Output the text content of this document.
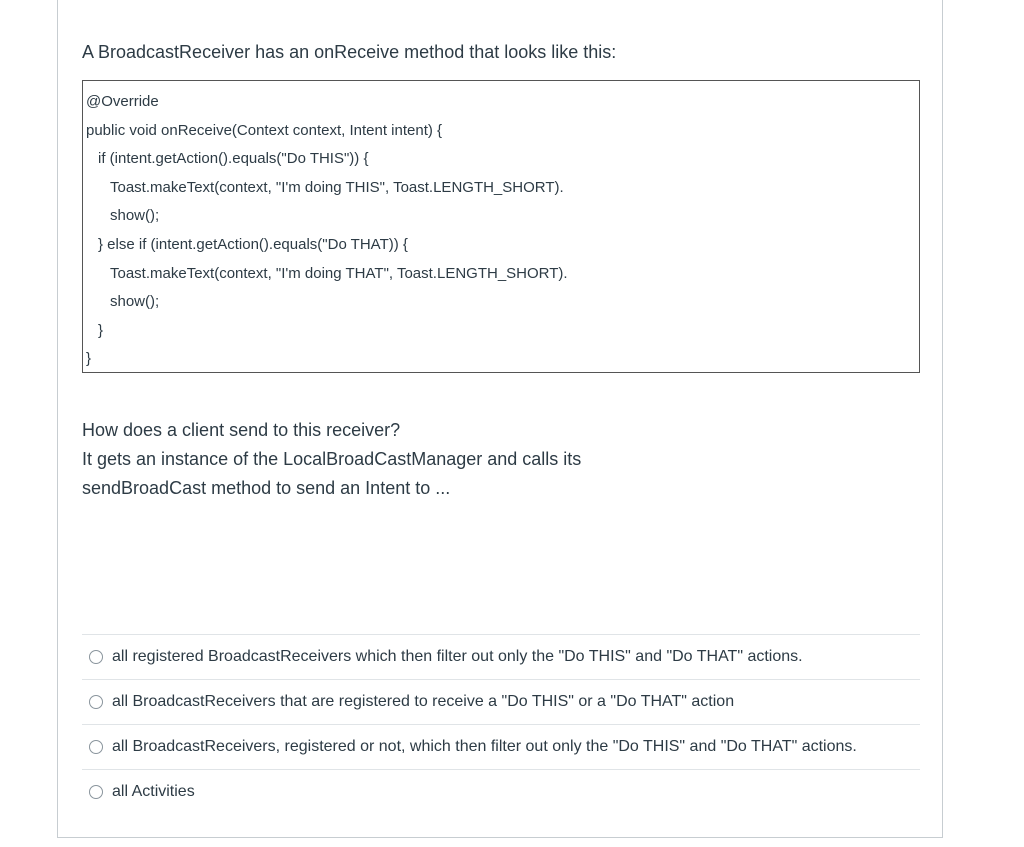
A BroadcastReceiver has an onReceive method that looks like this:

@Override

public void onReceive(Context context, Intent intent) {

if (intent.getAction().equals("Do THIS")) {

Toast.makeText(context, "I'm doing THIS", Toast.LENGTH_SHORT).

show();

} else if (intent.getAction().equals("Do THAT)) {

Toast.makeText(context, "I'm doing THAT", Toast.LENGTH_SHORT).

show();

}

}

How does a client send to this receiver?

It gets an instance of the LocalBroadCastManager and calls its sendBroadCast method to send an Intent to ...

all registered BroadcastReceivers which then filter out only the "Do THIS" and "Do THAT" actions.
all BroadcastReceivers that are registered to receive a "Do THIS" or a "Do THAT" action
all BroadcastReceivers, registered or not, which then filter out only the "Do THIS" and "Do THAT" actions.
all Activities
